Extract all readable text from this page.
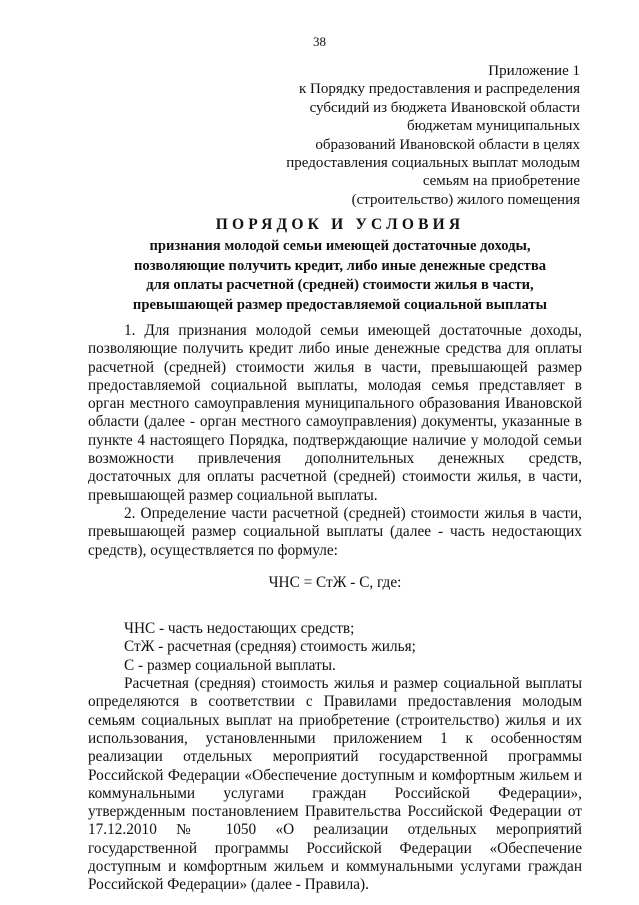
38
Приложение 1
к Порядку предоставления и распределения
субсидий из бюджета Ивановской области
бюджетам муниципальных
образований Ивановской области в целях
предоставления социальных выплат молодым
семьям на приобретение
(строительство) жилого помещения
ПОРЯДОК И УСЛОВИЯ
признания молодой семьи имеющей достаточные доходы,
позволяющие получить кредит, либо иные денежные средства
для оплаты расчетной (средней) стоимости жилья в части,
превышающей размер предоставляемой социальной выплаты
1. Для признания молодой семьи имеющей достаточные доходы,
позволяющие получить кредит либо иные денежные средства для оплаты
расчетной (средней) стоимости жилья в части, превышающей размер
предоставляемой социальной выплаты, молодая семья представляет в
орган местного самоуправления муниципального образования Ивановской
области (далее - орган местного самоуправления) документы, указанные в
пункте 4 настоящего Порядка, подтверждающие наличие у молодой семьи
возможности привлечения дополнительных денежных средств,
достаточных для оплаты расчетной (средней) стоимости жилья, в части,
превышающей размер социальной выплаты.
2. Определение части расчетной (средней) стоимости жилья в части,
превышающей размер социальной выплаты (далее - часть недостающих
средств), осуществляется по формуле:
ЧНС = СтЖ - С, где:
ЧНС - часть недостающих средств;
СтЖ - расчетная (средняя) стоимость жилья;
С - размер социальной выплаты.
Расчетная (средняя) стоимость жилья и размер социальной выплаты
определяются в соответствии с Правилами предоставления молодым
семьям социальных выплат на приобретение (строительство) жилья и их
использования, установленными приложением 1 к особенностям
реализации отдельных мероприятий государственной программы
Российской Федерации «Обеспечение доступным и комфортным жильем и
коммунальными услугами граждан Российской Федерации»,
утвержденным постановлением Правительства Российской Федерации от
17.12.2010 № 1050 «О реализации отдельных мероприятий
государственной программы Российской Федерации «Обеспечение
доступным и комфортным жильем и коммунальными услугами граждан
Российской Федерации» (далее - Правила).
